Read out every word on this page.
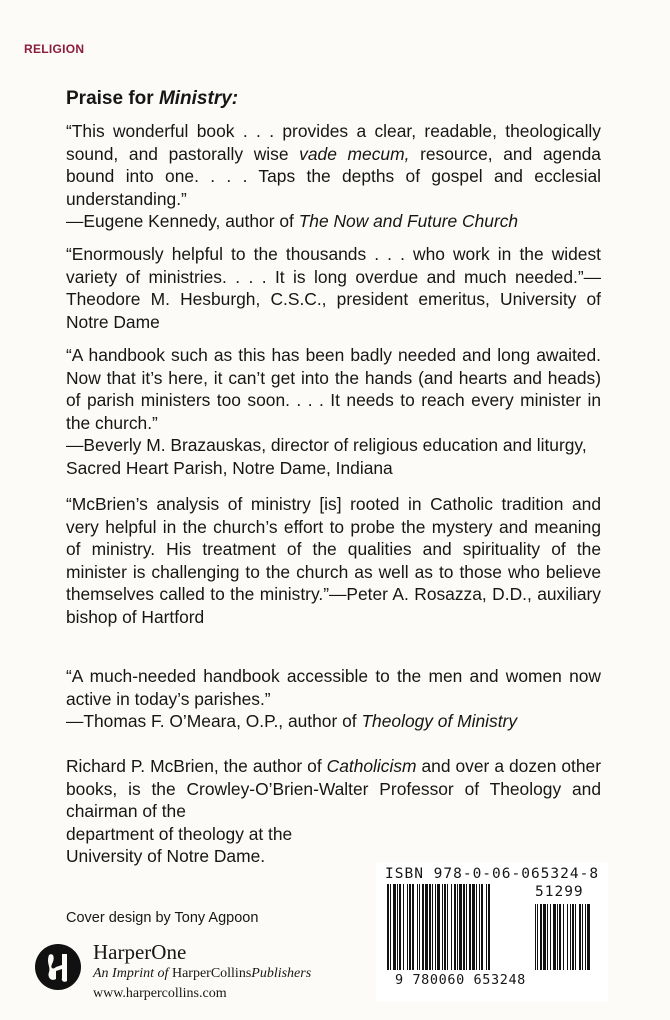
RELIGION
Praise for Ministry:

“This wonderful book . . . provides a clear, readable, theologically sound, and pastorally wise vade mecum, resource, and agenda bound into one. . . . Taps the depths of gospel and ecclesial understanding.”
—Eugene Kennedy, author of The Now and Future Church

“Enormously helpful to the thousands . . . who work in the widest variety of ministries. . . . It is long overdue and much needed.”—Theodore M. Hesburgh, C.S.C., president emeritus, University of Notre Dame

“A handbook such as this has been badly needed and long awaited. Now that it’s here, it can’t get into the hands (and hearts and heads) of parish ministers too soon. . . . It needs to reach every minister in the church.”
—Beverly M. Brazauskas, director of religious education and liturgy, Sacred Heart Parish, Notre Dame, Indiana

“McBrien’s analysis of ministry [is] rooted in Catholic tradition and very helpful in the church’s effort to probe the mystery and meaning of ministry. His treatment of the qualities and spirituality of the minister is challenging to the church as well as to those who believe themselves called to the ministry.”—Peter A. Rosazza, D.D., auxiliary bishop of Hartford

“A much-needed handbook accessible to the men and women now active in today’s parishes.”
—Thomas F. O’Meara, O.P., author of Theology of Ministry

Richard P. McBrien, the author of Catholicism and over a dozen other books, is the Crowley-O’Brien-Walter Professor of Theology and chairman of the
department of theology at the
University of Notre Dame.

ISBN 978-0-06-065324-8
51299
9 780060 653248
Cover design by Tony Agpoon
HarperOne
An Imprint of HarperCollinsPublishers
www.harpercollins.com
